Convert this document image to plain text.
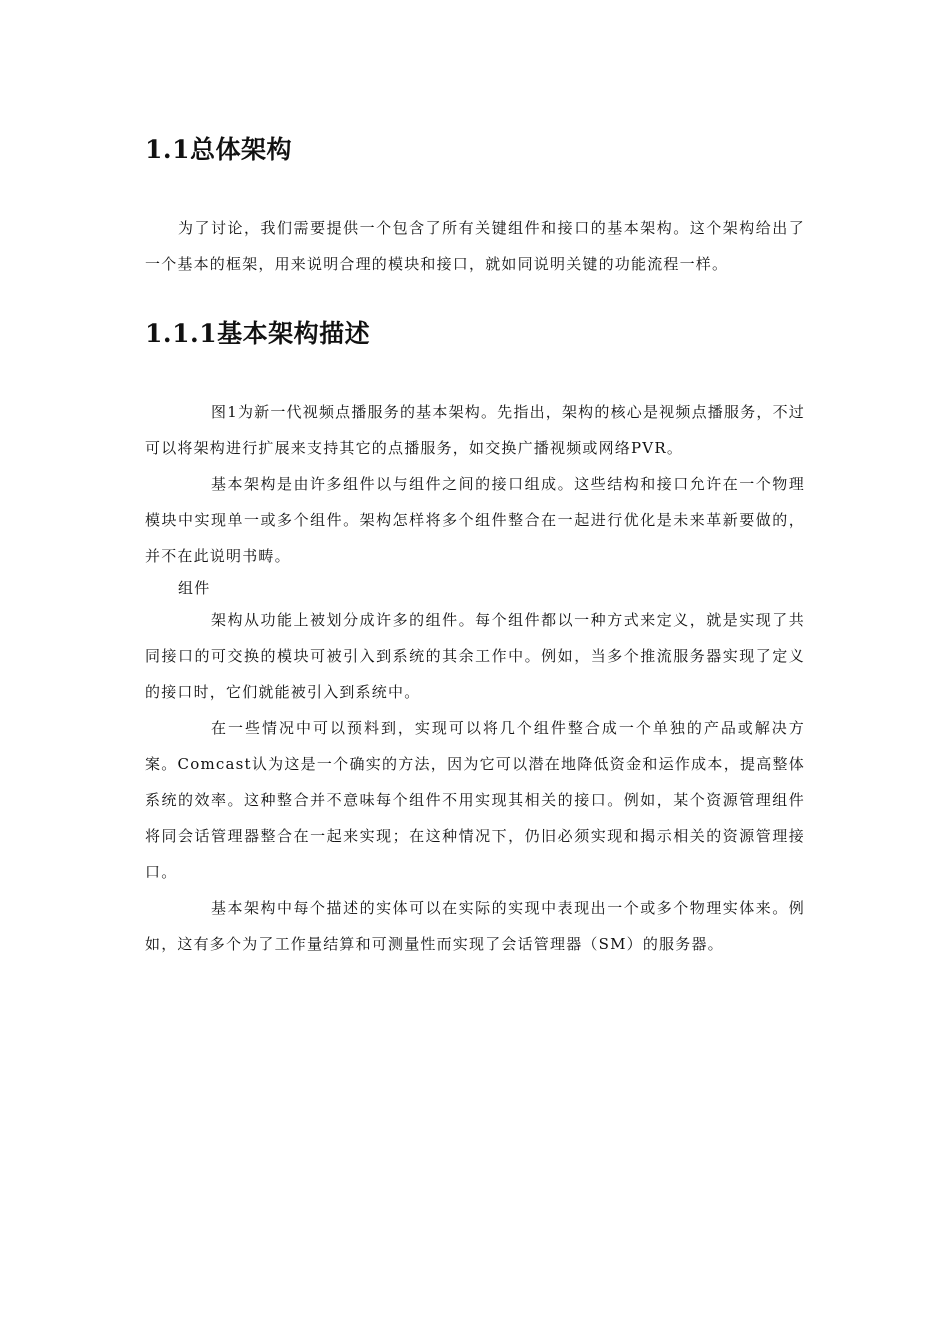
1.1总体架构

为了讨论，我们需要提供一个包含了所有关键组件和接口的基本架构。这个架构给出了一个基本的框架，用来说明合理的模块和接口，就如同说明关键的功能流程一样。

1.1.1基本架构描述

图1为新一代视频点播服务的基本架构。先指出，架构的核心是视频点播服务，不过可以将架构进行扩展来支持其它的点播服务，如交换广播视频或网络PVR。

基本架构是由许多组件以与组件之间的接口组成。这些结构和接口允许在一个物理模块中实现单一或多个组件。架构怎样将多个组件整合在一起进行优化是未来革新要做的，并不在此说明书畴。

组件

架构从功能上被划分成许多的组件。每个组件都以一种方式来定义，就是实现了共同接口的可交换的模块可被引入到系统的其余工作中。例如，当多个推流服务器实现了定义的接口时，它们就能被引入到系统中。

在一些情况中可以预料到，实现可以将几个组件整合成一个单独的产品或解决方案。Comcast认为这是一个确实的方法，因为它可以潜在地降低资金和运作成本，提高整体系统的效率。这种整合并不意味每个组件不用实现其相关的接口。例如，某个资源管理组件将同会话管理器整合在一起来实现；在这种情况下，仍旧必须实现和揭示相关的资源管理接口。

基本架构中每个描述的实体可以在实际的实现中表现出一个或多个物理实体来。例如，这有多个为了工作量结算和可测量性而实现了会话管理器（SM）的服务器。
